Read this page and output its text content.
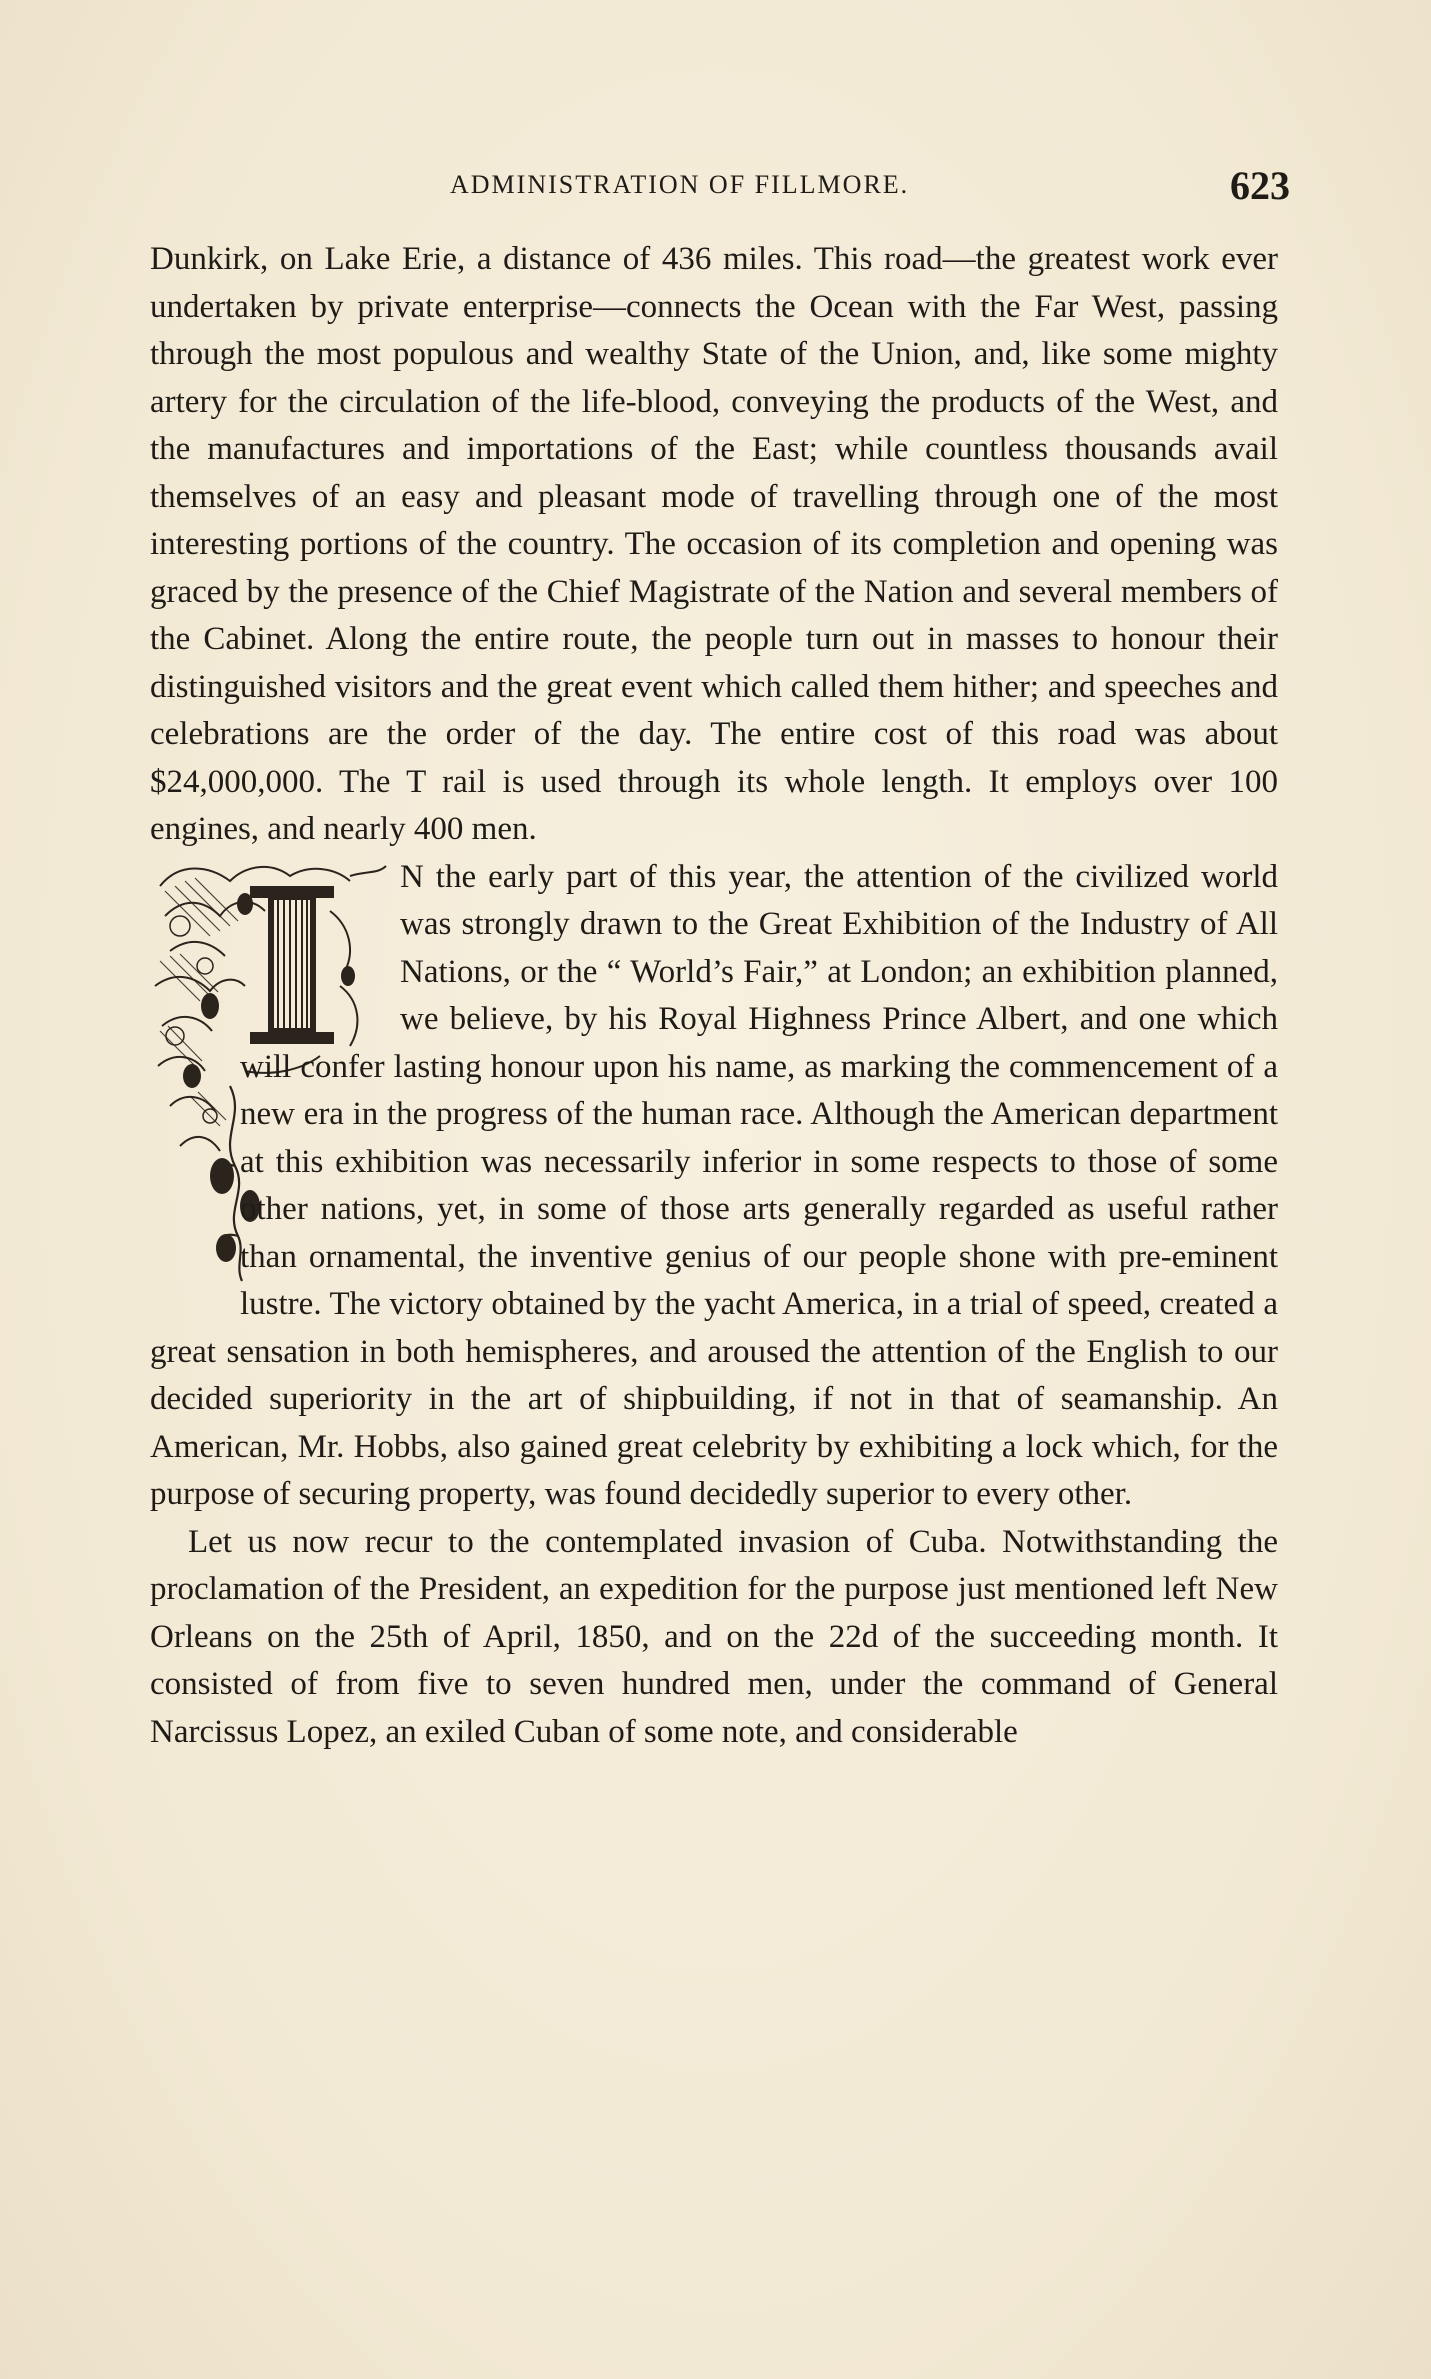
ADMINISTRATION OF FILLMORE.	623

Dunkirk, on Lake Erie, a distance of 436 miles. This road—the greatest work ever undertaken by private enterprise—connects the Ocean with the Far West, passing through the most populous and wealthy State of the Union, and, like some mighty artery for the circulation of the life-blood, conveying the products of the West, and the manufactures and importations of the East; while countless thousands avail themselves of an easy and pleasant mode of travelling through one of the most interesting portions of the country. The occasion of its completion and opening was graced by the presence of the Chief Magistrate of the Nation and several members of the Cabinet. Along the entire route, the people turn out in masses to honour their distinguished visitors and the great event which called them hither; and speeches and celebrations are the order of the day. The entire cost of this road was about $24,000,000. The T rail is used through its whole length. It employs over 100 engines, and nearly 400 men.

N the early part of this year, the attention of the civilized world was strongly drawn to the Great Exhibition of the Industry of All Nations, or the “ World’s Fair,” at London; an exhibition planned, we believe, by his Royal Highness Prince Albert, and one which will confer lasting honour upon his name, as marking the commencement of a new era in the progress of the human race. Although the American department at this exhibition was necessarily inferior in some respects to those of some other nations, yet, in some of those arts generally regarded as useful rather than ornamental, the inventive genius of our people shone with pre-eminent lustre. The victory obtained by the yacht America, in a trial of speed, created a great sensation in both hemispheres, and aroused the attention of the English to our decided superiority in the art of shipbuilding, if not in that of seamanship. An American, Mr. Hobbs, also gained great celebrity by exhibiting a lock which, for the purpose of securing property, was found decidedly superior to every other.

Let us now recur to the contemplated invasion of Cuba. Notwithstanding the proclamation of the President, an expedition for the purpose just mentioned left New Orleans on the 25th of April, 1850, and on the 22d of the succeeding month. It consisted of from five to seven hundred men, under the command of General Narcissus Lopez, an exiled Cuban of some note, and considerable
